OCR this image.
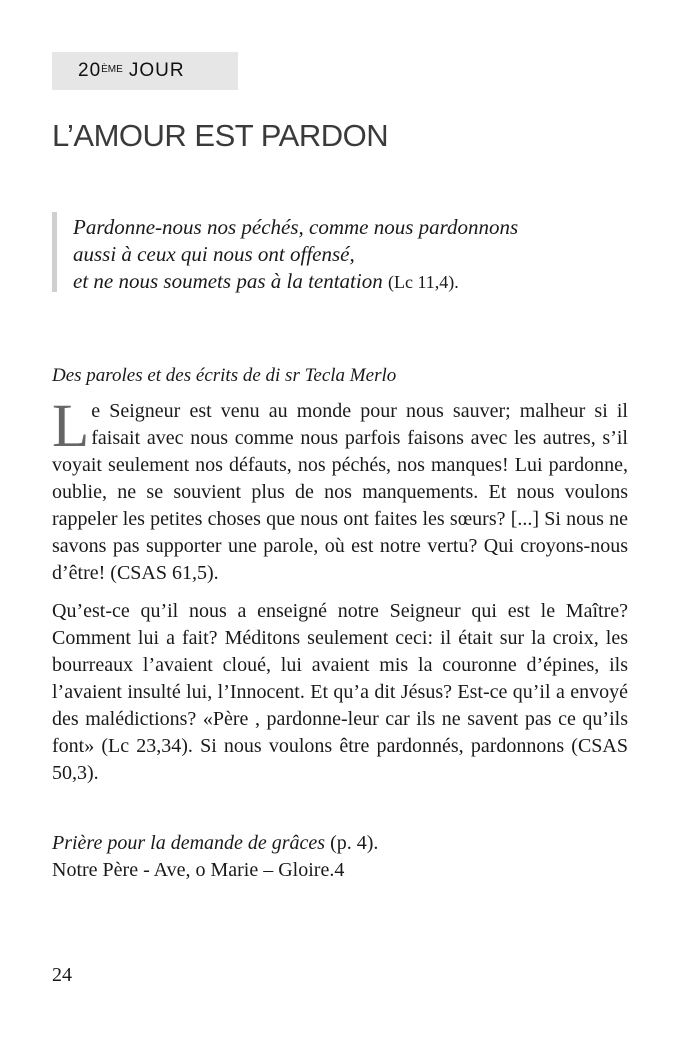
20ÈME JOUR
L’AMOUR EST PARDON
Pardonne-nous nos péchés, comme nous pardonnons
aussi à ceux qui nous ont offensé,
et ne nous soumets pas à la tentation (Lc 11,4).
Des paroles et des écrits de di sr Tecla Merlo

Le Seigneur est venu au monde pour nous sauver; malheur si il faisait avec nous comme nous parfois faisons avec les autres, s’il voyait seulement nos défauts, nos péchés, nos manques! Lui pardonne, oublie, ne se souvient plus de nos manquements. Et nous voulons rappeler les petites choses que nous ont faites les sœurs? [...] Si nous ne savons pas supporter une parole, où est notre vertu? Qui croyons-nous d’être! (CSAS 61,5).

Qu’est-ce qu’il nous a enseigné notre Seigneur qui est le Maître? Comment lui a fait? Méditons seulement ceci: il était sur la croix, les bourreaux l’avaient cloué, lui avaient mis la couronne d’épines, ils l’avaient insulté lui, l’Innocent. Et qu’a dit Jésus? Est-ce qu’il a envoyé des malédictions? «Père , pardonne-leur car ils ne savent pas ce qu’ils font» (Lc 23,34). Si nous voulons être pardonnés, pardonnons (CSAS 50,3).

Prière pour la demande de grâces (p. 4).
Notre Père - Ave, o Marie – Gloire.4
24
